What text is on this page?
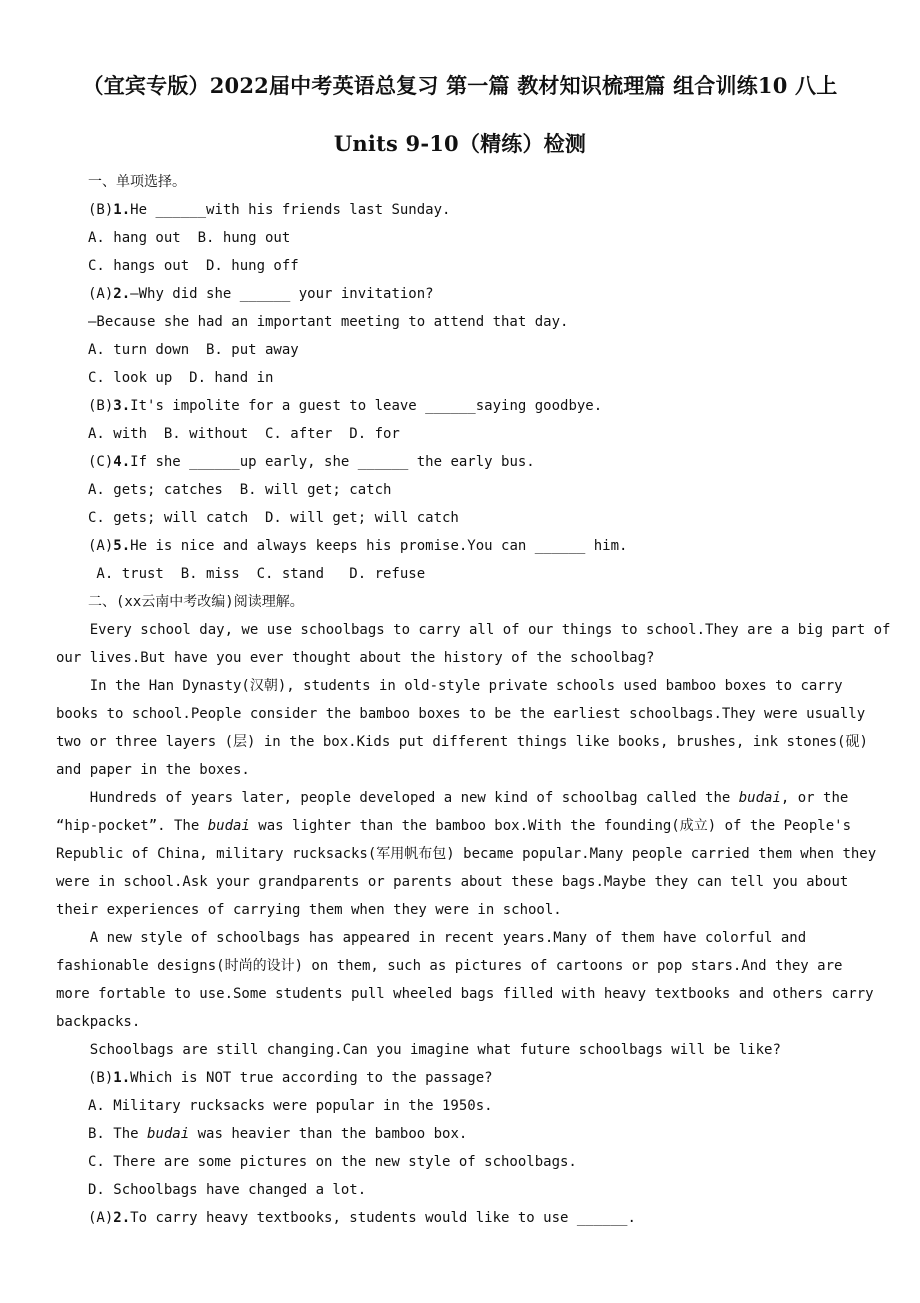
（宜宾专版）2022届中考英语总复习 第一篇 教材知识梳理篇 组合训练10 八上
Units 9-10（精练）检测
一、单项选择。
(B)1.He ______with his friends last Sunday.
A. hang out  B. hung out
C. hangs out  D. hung off
(A)2.—Why did she ______ your invitation?
—Because she had an important meeting to attend that day.
A. turn down  B. put away
C. look up  D. hand in
(B)3.It's impolite for a guest to leave ______saying goodbye.
A. with  B. without  C. after  D. for
(C)4.If she ______up early, she ______ the early bus.
A. gets; catches  B. will get; catch
C. gets; will catch  D. will get; will catch
(A)5.He is nice and always keeps his promise.You can ______ him.
A. trust  B. miss  C. stand   D. refuse
二、(xx云南中考改编)阅读理解。
Every school day, we use schoolbags to carry all of our things to school.They are a big part of
our lives.But have you ever thought about the history of the schoolbag?
In the Han Dynasty(汉朝), students in old-style private schools used bamboo boxes to carry
books to school.People consider the bamboo boxes to be the earliest schoolbags.They were usually
two or three layers (层) in the box.Kids put different things like books, brushes, ink stones(砚)
and paper in the boxes.
Hundreds of years later, people developed a new kind of schoolbag called the budai, or the
“hip-pocket”. The budai was lighter than the bamboo box.With the founding(成立) of the People's
Republic of China, military rucksacks(军用帆布包) became popular.Many people carried them when they
were in school.Ask your grandparents or parents about these bags.Maybe they can tell you about
their experiences of carrying them when they were in school.
A new style of schoolbags has appeared in recent years.Many of them have colorful and
fashionable designs(时尚的设计) on them, such as pictures of cartoons or pop stars.And they are
more fortable to use.Some students pull wheeled bags filled with heavy textbooks and others carry
backpacks.
Schoolbags are still changing.Can you imagine what future schoolbags will be like?
(B)1.Which is NOT true according to the passage?
A. Military rucksacks were popular in the 1950s.
B. The budai was heavier than the bamboo box.
C. There are some pictures on the new style of schoolbags.
D. Schoolbags have changed a lot.
(A)2.To carry heavy textbooks, students would like to use ______.
